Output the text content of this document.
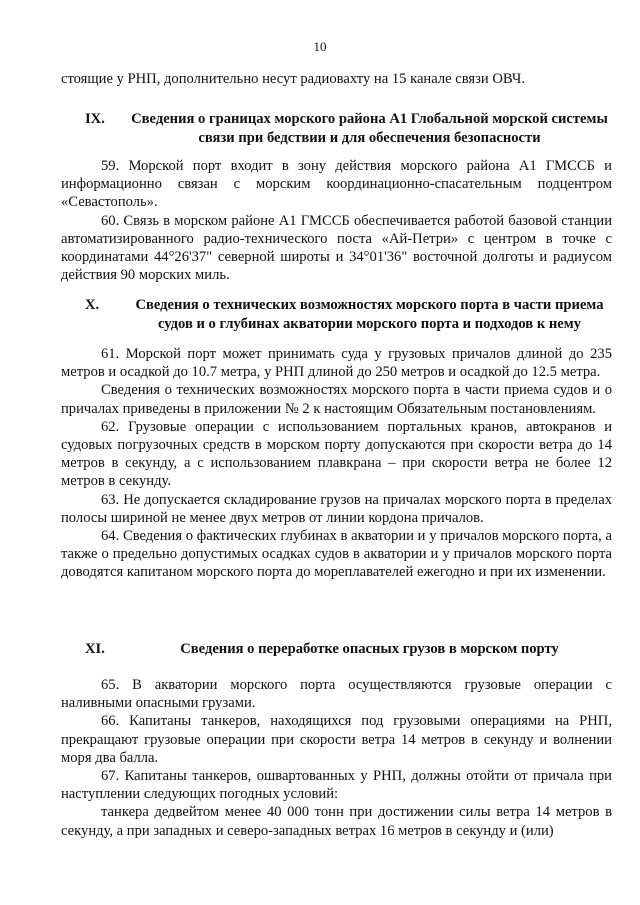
10

стоящие у РНП, дополнительно несут радиовахту на 15 канале связи ОВЧ.

IX.	Сведения о границах морского района А1 Глобальной морской системы связи при бедствии и для обеспечения безопасности

59. Морской порт входит в зону действия морского района А1 ГМССБ и информационно связан с морским координационно-спасательным подцентром «Севастополь».

60. Связь в морском районе А1 ГМССБ обеспечивается работой базовой станции автоматизированного радио-технического поста «Ай-Петри» с центром в точке с координатами 44°26'37" северной широты и 34°01'36" восточной долготы и радиусом действия 90 морских миль.

X.	Сведения о технических возможностях морского порта в части приема судов и о глубинах акватории морского порта и подходов к нему

61. Морской порт может принимать суда у грузовых причалов длиной до 235 метров и осадкой до 10.7 метра, у РНП длиной до 250 метров и осадкой до 12.5 метра.

Сведения о технических возможностях морского порта в части приема судов и о причалах приведены в приложении № 2 к настоящим Обязательным постановлениям.

62. Грузовые операции с использованием портальных кранов, автокранов и судовых погрузочных средств в морском порту допускаются при скорости ветра до 14 метров в секунду, а с использованием плавкрана – при скорости ветра не более 12 метров в секунду.

63. Не допускается складирование грузов на причалах морского порта в пределах полосы шириной не менее двух метров от линии кордона причалов.

64. Сведения о фактических глубинах в акватории и у причалов морского порта, а также о предельно допустимых осадках судов в акватории и у причалов морского порта доводятся капитаном морского порта до мореплавателей ежегодно и при их изменении.

XI.	Сведения о переработке опасных грузов в морском порту

65. В акватории морского порта осуществляются грузовые операции с наливными опасными грузами.

66. Капитаны танкеров, находящихся под грузовыми операциями на РНП, прекращают грузовые операции при скорости ветра 14 метров в секунду и волнении моря два балла.

67. Капитаны танкеров, ошвартованных у РНП, должны отойти от причала при наступлении следующих погодных условий:

танкера дедвейтом менее 40 000 тонн при достижении силы ветра 14 метров в секунду, а при западных и северо-западных ветрах 16 метров в секунду и (или)
